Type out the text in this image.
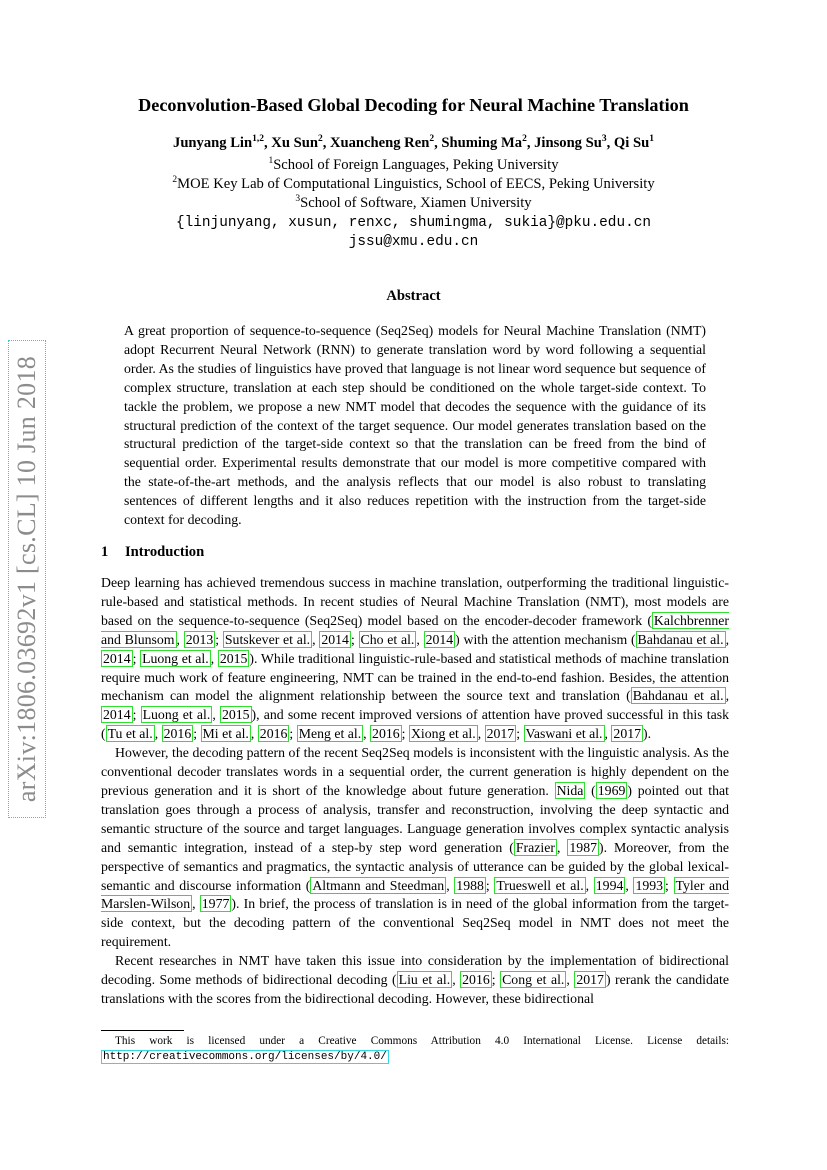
arXiv:1806.03692v1 [cs.CL] 10 Jun 2018
Deconvolution-Based Global Decoding for Neural Machine Translation
Junyang Lin$^{1,2}$, Xu Sun$^2$, Xuancheng Ren$^2$, Shuming Ma$^2$, Jinsong Su$^3$, Qi Su$^1$
$^1$School of Foreign Languages, Peking University
$^2$MOE Key Lab of Computational Linguistics, School of EECS, Peking University
$^3$School of Software, Xiamen University
{linjunyang, xusun, renxc, shumingma, sukia}@pku.edu.cn
jssu@xmu.edu.cn
Abstract

A great proportion of sequence-to-sequence (Seq2Seq) models for Neural Machine Translation (NMT) adopt Recurrent Neural Network (RNN) to generate translation word by word following a sequential order. As the studies of linguistics have proved that language is not linear word sequence but sequence of complex structure, translation at each step should be conditioned on the whole target-side context. To tackle the problem, we propose a new NMT model that decodes the sequence with the guidance of its structural prediction of the context of the target sequence. Our model generates translation based on the structural prediction of the target-side context so that the translation can be freed from the bind of sequential order. Experimental results demonstrate that our model is more competitive compared with the state-of-the-art methods, and the analysis reflects that our model is also robust to translating sentences of different lengths and it also reduces repetition with the instruction from the target-side context for decoding.

1 Introduction

Deep learning has achieved tremendous success in machine translation, outperforming the traditional linguistic-rule-based and statistical methods. In recent studies of Neural Machine Translation (NMT), most models are based on the sequence-to-sequence (Seq2Seq) model based on the encoder-decoder framework ( Kalchbrenner and Blunsom , 2013 ; Sutskever et al. , 2014 ; Cho et al. , 2014 ) with the attention mechanism ( Bahdanau et al. , 2014 ; Luong et al. , 2015 ). While traditional linguistic-rule-based and statistical methods of machine translation require much work of feature engineering, NMT can be trained in the end-to-end fashion. Besides, the attention mechanism can model the alignment relationship between the source text and translation ( Bahdanau et al. , 2014 ; Luong et al. , 2015 ), and some recent improved versions of attention have proved successful in this task ( Tu et al. , 2016 ; Mi et al. , 2016 ; Meng et al. , 2016 ; Xiong et al. , 2017 ; Vaswani et al. , 2017 ).

However, the decoding pattern of the recent Seq2Seq models is inconsistent with the linguistic analysis. As the conventional decoder translates words in a sequential order, the current generation is highly dependent on the previous generation and it is short of the knowledge about future generation. Nida ( 1969 ) pointed out that translation goes through a process of analysis, transfer and reconstruction, involving the deep syntactic and semantic structure of the source and target languages. Language generation involves complex syntactic analysis and semantic integration, instead of a step-by step word generation ( Frazier , 1987 ). Moreover, from the perspective of semantics and pragmatics, the syntactic analysis of utterance can be guided by the global lexical-semantic and discourse information ( Altmann and Steedman , 1988 ; Trueswell et al. , 1994 , 1993 ; Tyler and Marslen-Wilson , 1977 ). In brief, the process of translation is in need of the global information from the target-side context, but the decoding pattern of the conventional Seq2Seq model in NMT does not meet the requirement.

Recent researches in NMT have taken this issue into consideration by the implementation of bidirectional decoding. Some methods of bidirectional decoding ( Liu et al. , 2016 ; Cong et al. , 2017 ) rerank the candidate translations with the scores from the bidirectional decoding. However, these bidirectional

This work is licensed under a Creative Commons Attribution 4.0 International License. License details: http://creativecommons.org/licenses/by/4.0/
